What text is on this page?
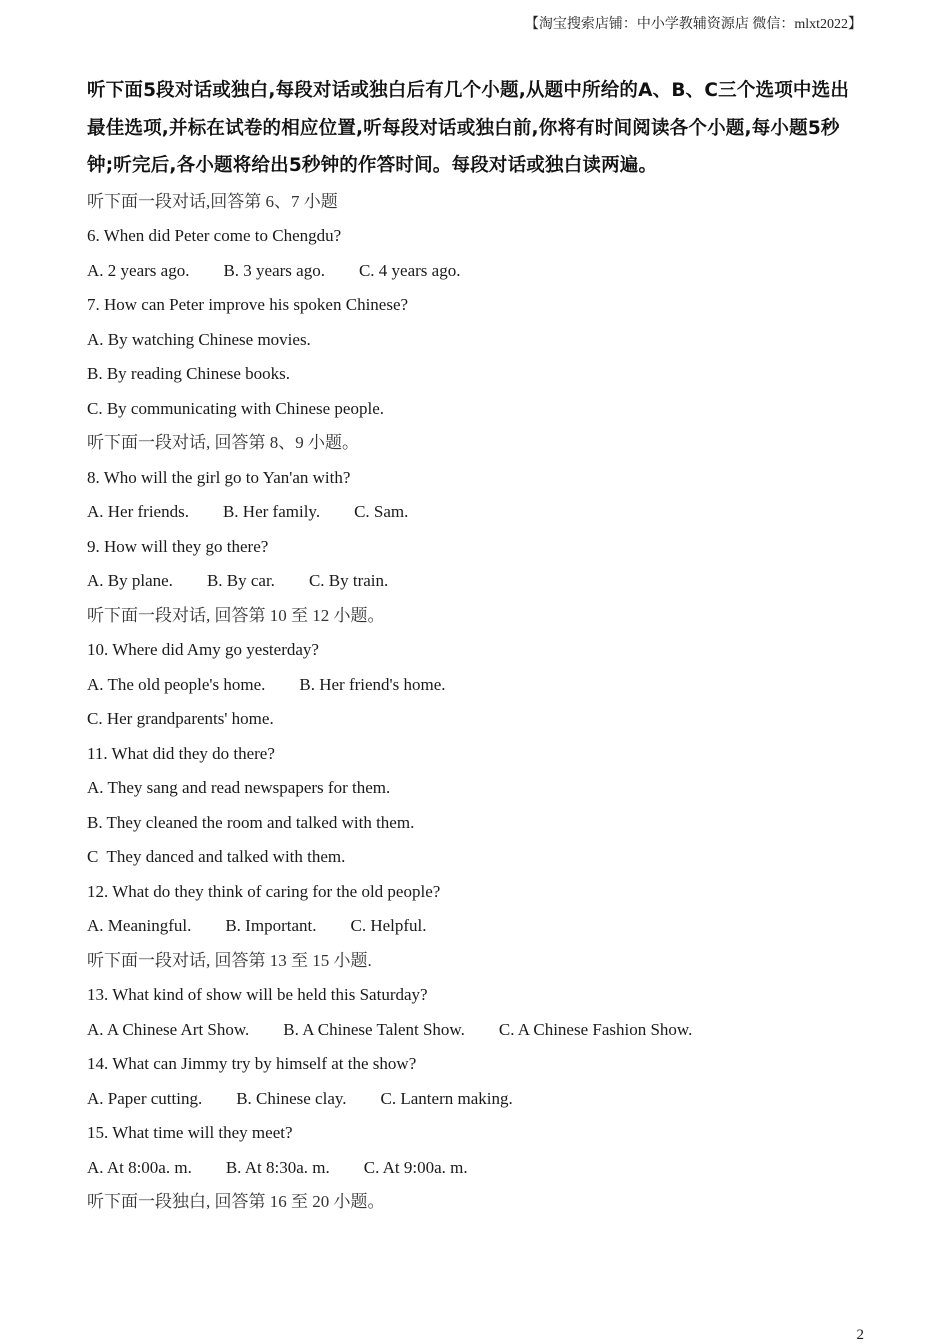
【淘宝搜索店铺：中小学教辅资源店 微信：mlxt2022】

听下面5段对话或独白,每段对话或独白后有几个小题,从题中所给的A、B、C三个选项中选出最佳选项,并标在试卷的相应位置,听每段对话或独白前,你将有时间阅读各个小题,每小题5秒钟;听完后,各小题将给出5秒钟的作答时间。每段对话或独白读两遍。

听下面一段对话,回答第 6、7 小题
6. When did Peter come to Chengdu?
A. 2 years ago. B. 3 years ago. C. 4 years ago.
7. How can Peter improve his spoken Chinese?
A. By watching Chinese movies.
B. By reading Chinese books.
C. By communicating with Chinese people.
听下面一段对话, 回答第 8、9 小题。
8. Who will the girl go to Yan'an with?
A. Her friends. B. Her family. C. Sam.
9. How will they go there?
A. By plane. B. By car. C. By train.
听下面一段对话, 回答第 10 至 12 小题。
10. Where did Amy go yesterday?
A. The old people's home. B. Her friend's home.
C. Her grandparents' home.
11. What did they do there?
A. They sang and read newspapers for them.
B. They cleaned the room and talked with them.
C  They danced and talked with them.
12. What do they think of caring for the old people?
A. Meaningful. B. Important. C. Helpful.
听下面一段对话, 回答第 13 至 15 小题.
13. What kind of show will be held this Saturday?
A. A Chinese Art Show. B. A Chinese Talent Show. C. A Chinese Fashion Show.
14. What can Jimmy try by himself at the show?
A. Paper cutting. B. Chinese clay. C. Lantern making.
15. What time will they meet?
A. At 8:00a. m. B. At 8:30a. m. C. At 9:00a. m.
听下面一段独白, 回答第 16 至 20 小题。
2
